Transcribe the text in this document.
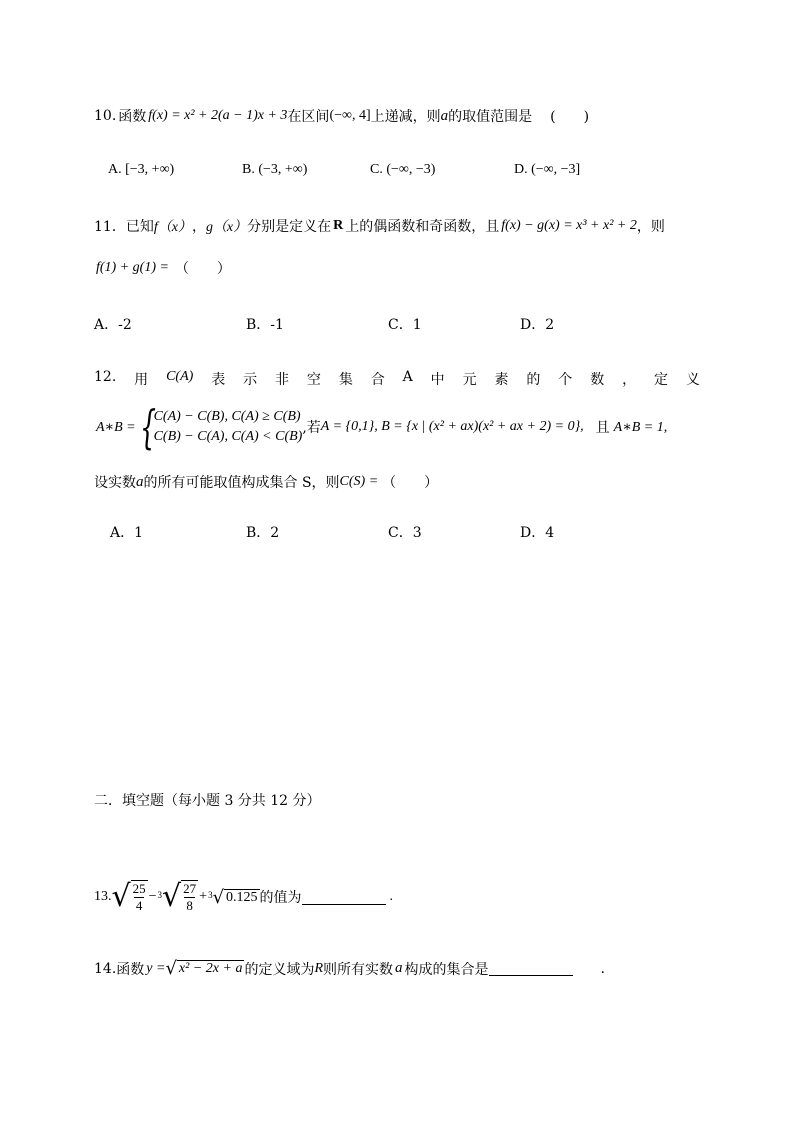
10. 函数 f(x) = x² + 2(a − 1)x + 3 在区间 (−∞, 4] 上递减，则 a 的取值范围是 (　　)
A. [−3, +∞)	B. (−3, +∞)	C. (−∞, −3)	D. (−∞, −3]
11． 已知 f（x） ， g（x） 分别是定义在 R 上的偶函数和奇函数，且 f(x) − g(x) = x³ + x² + 2 ，则
f(1) + g(1) = （　　）
A．-2	B．-1	C．1	D．2
12. 用 C(A) 表 示 非 空 集 合 A 中 元 素 的 个 数 ， 定 义
A∗B = {
C(A) − C(B), C(A) ≥ C(B)
C(B) − C(A), C(A) < C(B)
,若 A = {0,1}, B = {x | (x² + ax)(x² + ax + 2) = 0}, 且 A∗B = 1,
设实数 a 的所有可能取值构成集合 S，则 C(S) = （　　）
A．1	B．2	C．3	D．4
二．填空题（每小题 3 分共 12 分）
13. √ $\frac{25}{4} - 3$ √ $\frac{27}{8} + 3$ √ 0.125 的值为	.
14. 函数 y = √ x² − 2x + a 的定义域为 R 则所有实数 a 构成的集合是	.
